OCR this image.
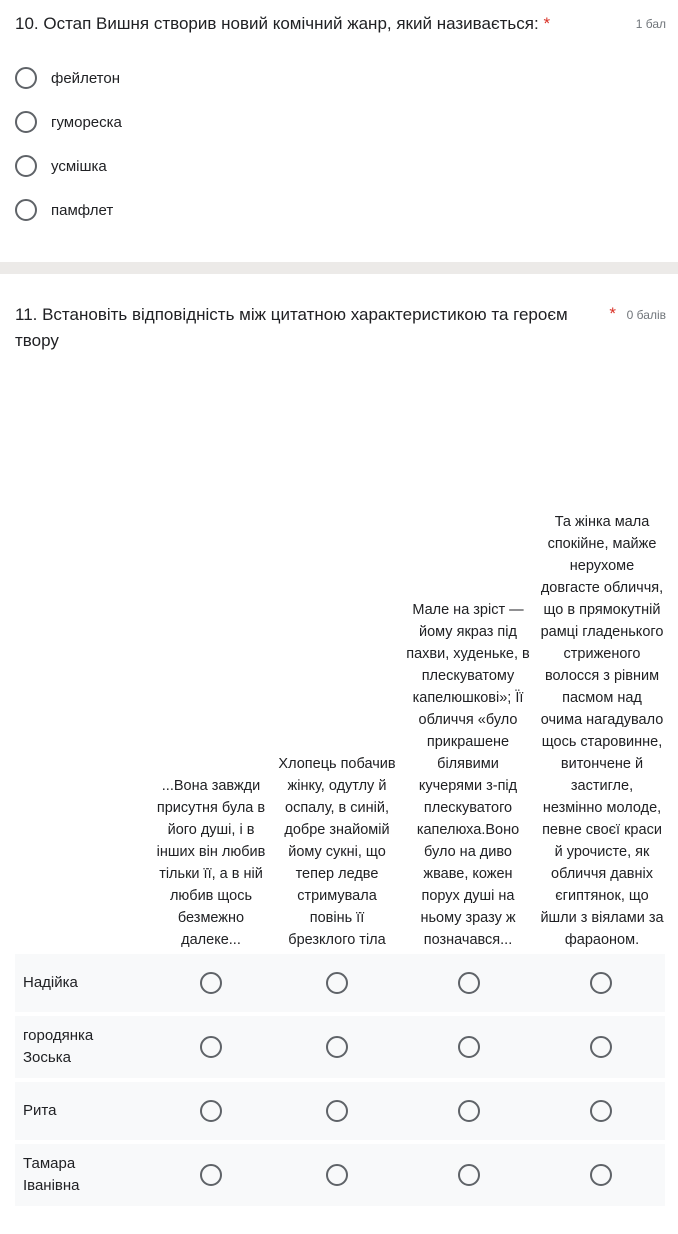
10. Остап Вишня створив новий комічний жанр, який називається: *	1 бал
фейлетон
гумореска
усмішка
памфлет
11. Встановіть відповідність між цитатною характеристикою та героєм твору
* 0 балів
...Вона завжди присутня була в його душі, і в інших він любив тільки її, а в ній любив щось безмежно далеке...
Хлопець побачив жінку, одутлу й оспалу, в синій, добре знайомій йому сукні, що тепер ледве стримувала повінь її брезклого тіла
Мале на зріст — йому якраз під пахви, худеньке, в плескуватому капелюшкові»; Її обличчя «було прикрашене білявими кучерями з-під плескуватого капелюха.Воно було на диво жваве, кожен порух душі на ньому зразу ж позначався...
Та жінка мала спокійне, майже нерухоме довгасте обличчя, що в прямокутній рамці гладенького стриженого волосся з рівним пасмом над очима нагадувало щось старовинне, витончене й застигле, незмінно молоде, певне своєї краси й урочисте, як обличчя давніх єгиптянок, що йшли з віялами за фараоном.
Надійка
городянка Зоська
Рита
Тамара Іванівна
